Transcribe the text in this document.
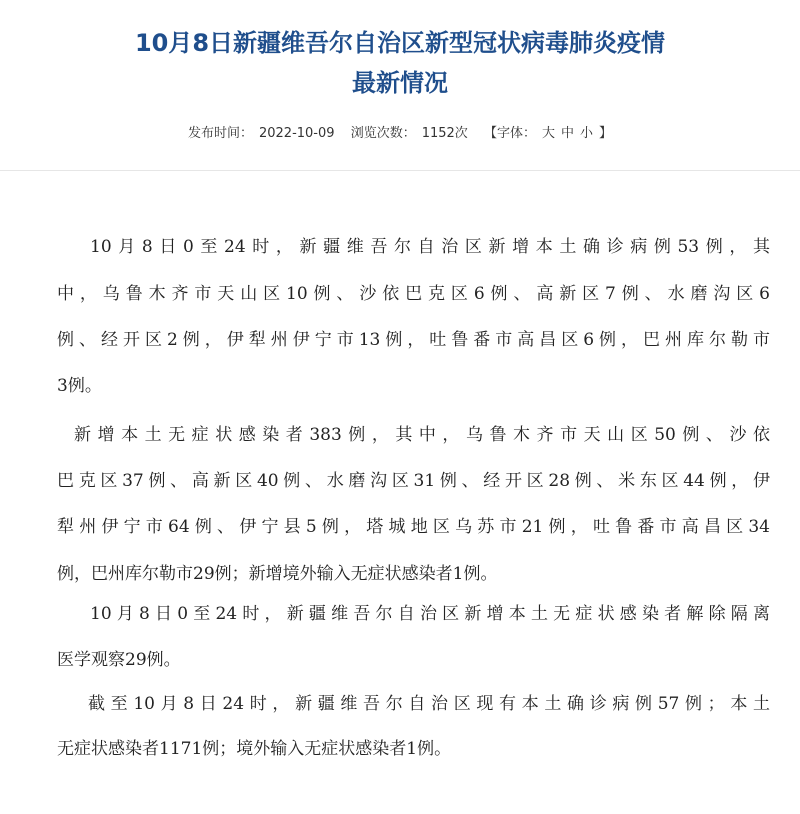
10月8日新疆维吾尔自治区新型冠状病毒肺炎疫情
最新情况
发布时间： 2022-10-09 浏览次数： 1152次 【字体： 大 中 小 】
10月8日0至24时，新疆维吾尔自治区新增本土确诊病例53例，其
中，乌鲁木齐市天山区10例、沙依巴克区6例、高新区7例、水磨沟区6
例、经开区2例，伊犁州伊宁市13例，吐鲁番市高昌区6例，巴州库尔勒市
3例。
新增本土无症状感染者383例，其中，乌鲁木齐市天山区50例、沙依
巴克区37例、高新区40例、水磨沟区31例、经开区28例、米东区44例，伊
犁州伊宁市64例、伊宁县5例，塔城地区乌苏市21例，吐鲁番市高昌区34
例，巴州库尔勒市29例；新增境外输入无症状感染者1例。
10月8日0至24时，新疆维吾尔自治区新增本土无症状感染者解除隔离
医学观察29例。
截至10月8日24时，新疆维吾尔自治区现有本土确诊病例57例；本土
无症状感染者1171例；境外输入无症状感染者1例。
